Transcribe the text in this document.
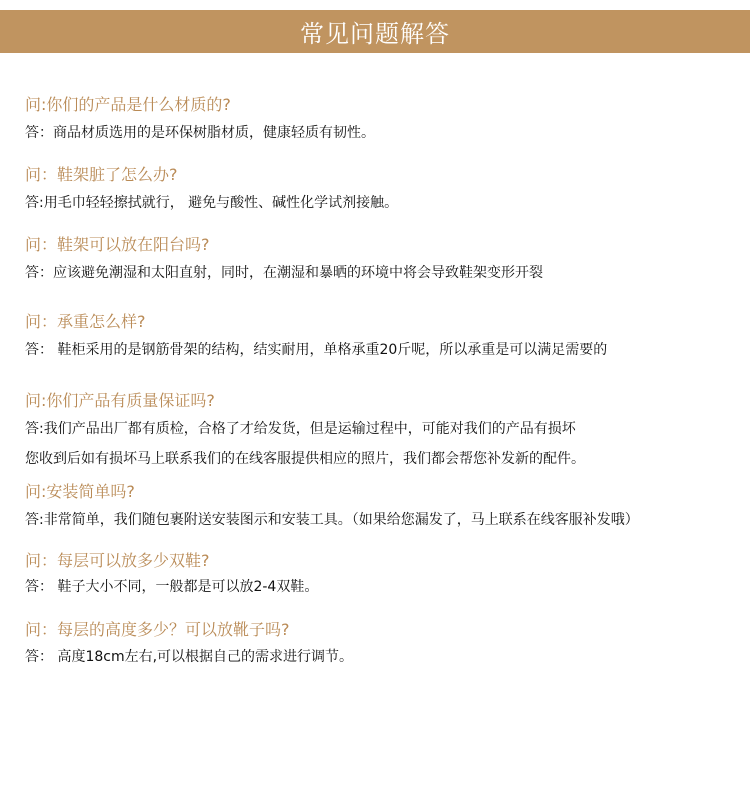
常见问题解答
问:你们的产品是什么材质的?
答：商品材质选用的是环保树脂材质，健康轻质有韧性。
问：鞋架脏了怎么办?
答:用毛巾轻轻擦拭就行， 避免与酸性、碱性化学试剂接触。
问：鞋架可以放在阳台吗?
答：应该避免潮湿和太阳直射，同时，在潮湿和暴晒的环境中将会导致鞋架变形开裂
问：承重怎么样?
答： 鞋柜采用的是钢筋骨架的结构，结实耐用，单格承重20斤呢，所以承重是可以满足需要的
问:你们产品有质量保证吗?
答:我们产品出厂都有质检，合格了才给发货，但是运输过程中，可能对我们的产品有损坏
您收到后如有损坏马上联系我们的在线客服提供相应的照片，我们都会帮您补发新的配件。
问:安装简单吗?
答:非常简单，我们随包裹附送安装图示和安装工具。（如果给您漏发了，马上联系在线客服补发哦）
问：每层可以放多少双鞋?
答： 鞋子大小不同，一般都是可以放2-4双鞋。
问：每层的高度多少？可以放靴子吗?
答： 高度18cm左右,可以根据自己的需求进行调节。
